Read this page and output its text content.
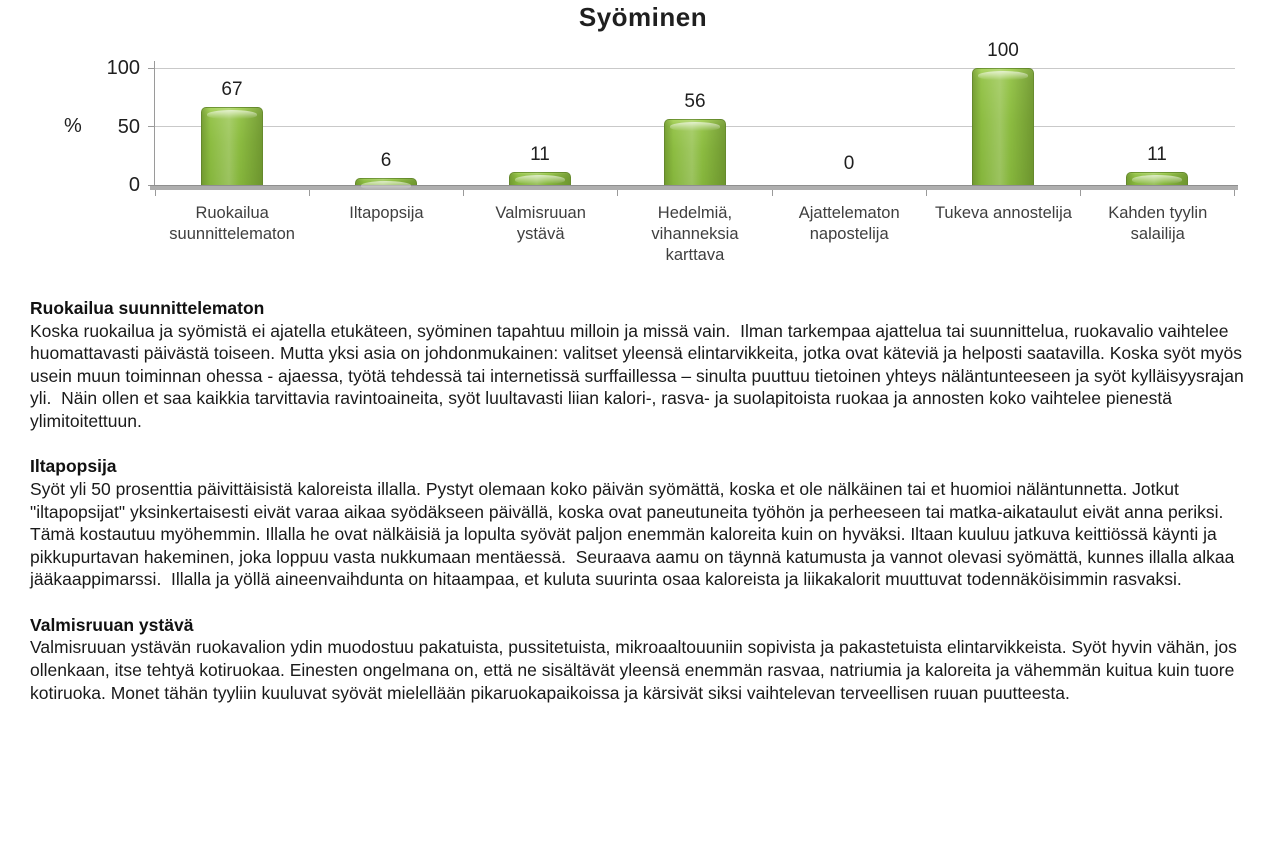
Syöminen
100
50
0
%
67
6	11
56
0
100
11
Ruokailua suunnittelematon
Iltapopsija	Valmisruuan ystävä
Hedelmiä, vihanneksia karttava
Ajattelematon napostelija
Tukeva annostelija	Kahden tyylin salailija
Ruokailua suunnittelematon
Koska ruokailua ja syömistä ei ajatella etukäteen, syöminen tapahtuu milloin ja missä vain.  Ilman tarkempaa ajattelua tai suunnittelua, ruokavalio vaihtelee huomattavasti päivästä toiseen. Mutta yksi asia on johdonmukainen: valitset yleensä elintarvikkeita, jotka ovat käteviä ja helposti saatavilla. Koska syöt myös usein muun toiminnan ohessa - ajaessa, työtä tehdessä tai internetissä surffaillessa – sinulta puuttuu tietoinen yhteys näläntunteeseen ja syöt kylläisyysrajan yli.  Näin ollen et saa kaikkia tarvittavia ravintoaineita, syöt luultavasti liian kalori-, rasva- ja suolapitoista ruokaa ja annosten koko vaihtelee pienestä ylimitoitettuun.
Iltapopsija
Syöt yli 50 prosenttia päivittäisistä kaloreista illalla. Pystyt olemaan koko päivän syömättä, koska et ole nälkäinen tai et huomioi näläntunnetta. Jotkut "iltapopsijat" yksinkertaisesti eivät varaa aikaa syödäkseen päivällä, koska ovat paneutuneita työhön ja perheeseen tai matka-aikataulut eivät anna periksi.  Tämä kostautuu myöhemmin. Illalla he ovat nälkäisiä ja lopulta syövät paljon enemmän kaloreita kuin on hyväksi. Iltaan kuuluu jatkuva keittiössä käynti ja pikkupurtavan hakeminen, joka loppuu vasta nukkumaan mentäessä.  Seuraava aamu on täynnä katumusta ja vannot olevasi syömättä, kunnes illalla alkaa jääkaappimarssi.  Illalla ja yöllä aineenvaihdunta on hitaampaa, et kuluta suurinta osaa kaloreista ja liikakalorit muuttuvat todennäköisimmin rasvaksi.
Valmisruuan ystävä
Valmisruuan ystävän ruokavalion ydin muodostuu pakatuista, pussitetuista, mikroaaltouuniin sopivista ja pakastetuista elintarvikkeista. Syöt hyvin vähän, jos ollenkaan, itse tehtyä kotiruokaa. Einesten ongelmana on, että ne sisältävät yleensä enemmän rasvaa, natriumia ja kaloreita ja vähemmän kuitua kuin tuore kotiruoka. Monet tähän tyyliin kuuluvat syövät mielellään pikaruokapaikoissa ja kärsivät siksi vaihtelevan terveellisen ruuan puutteesta.
